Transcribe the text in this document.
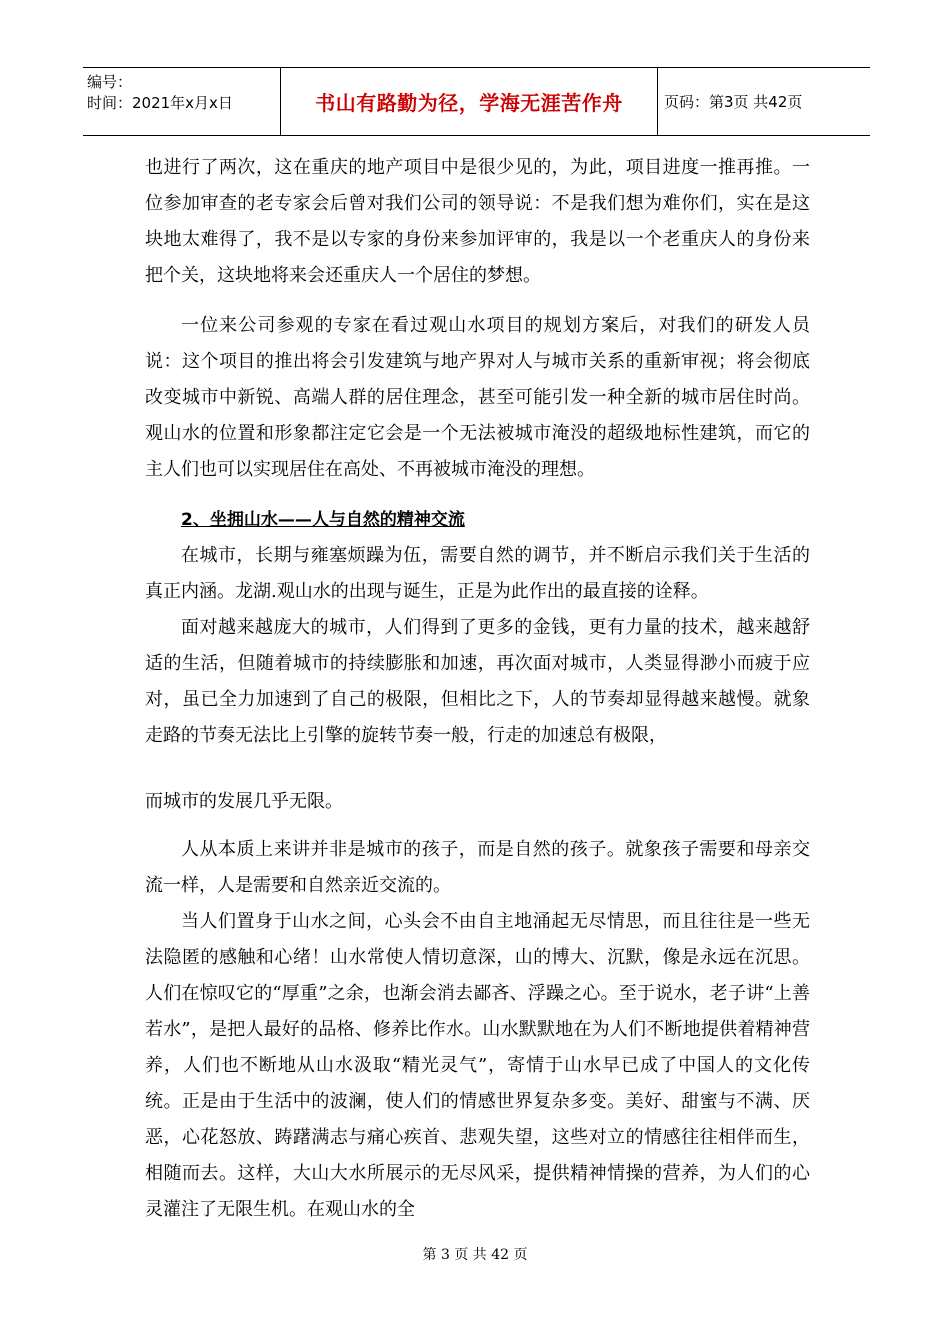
编号：
时间：2021年x月x日	书山有路勤为径，学海无涯苦作舟	页码：第3页 共42页

也进行了两次，这在重庆的地产项目中是很少见的，为此，项目进度一推再推。一位参加审查的老专家会后曾对我们公司的领导说：不是我们想为难你们，实在是这块地太难得了，我不是以专家的身份来参加评审的，我是以一个老重庆人的身份来把个关，这块地将来会还重庆人一个居住的梦想。

一位来公司参观的专家在看过观山水项目的规划方案后，对我们的研发人员说：这个项目的推出将会引发建筑与地产界对人与城市关系的重新审视；将会彻底改变城市中新锐、高端人群的居住理念，甚至可能引发一种全新的城市居住时尚。观山水的位置和形象都注定它会是一个无法被城市淹没的超级地标性建筑，而它的主人们也可以实现居住在高处、不再被城市淹没的理想。

2、坐拥山水——人与自然的精神交流

在城市，长期与雍塞烦躁为伍，需要自然的调节，并不断启示我们关于生活的真正内涵。龙湖.观山水的出现与诞生，正是为此作出的最直接的诠释。

面对越来越庞大的城市，人们得到了更多的金钱，更有力量的技术，越来越舒适的生活，但随着城市的持续膨胀和加速，再次面对城市，人类显得渺小而疲于应对，虽已全力加速到了自己的极限，但相比之下，人的节奏却显得越来越慢。就象走路的节奏无法比上引擎的旋转节奏一般，行走的加速总有极限，

而城市的发展几乎无限。

人从本质上来讲并非是城市的孩子，而是自然的孩子。就象孩子需要和母亲交流一样，人是需要和自然亲近交流的。

当人们置身于山水之间，心头会不由自主地涌起无尽情思，而且往往是一些无法隐匿的感触和心绪！山水常使人情切意深，山的博大、沉默，像是永远在沉思。人们在惊叹它的“厚重”之余，也渐会消去鄙吝、浮躁之心。至于说水，老子讲“上善若水”，是把人最好的品格、修养比作水。山水默默地在为人们不断地提供着精神营养，人们也不断地从山水汲取“精光灵气”，寄情于山水早已成了中国人的文化传统。正是由于生活中的波澜，使人们的情感世界复杂多变。美好、甜蜜与不满、厌恶，心花怒放、踌躇满志与痛心疾首、悲观失望，这些对立的情感往往相伴而生，相随而去。这样，大山大水所展示的无尽风采，提供精神情操的营养，为人们的心灵灌注了无限生机。在观山水的全

第 3 页 共 42 页
